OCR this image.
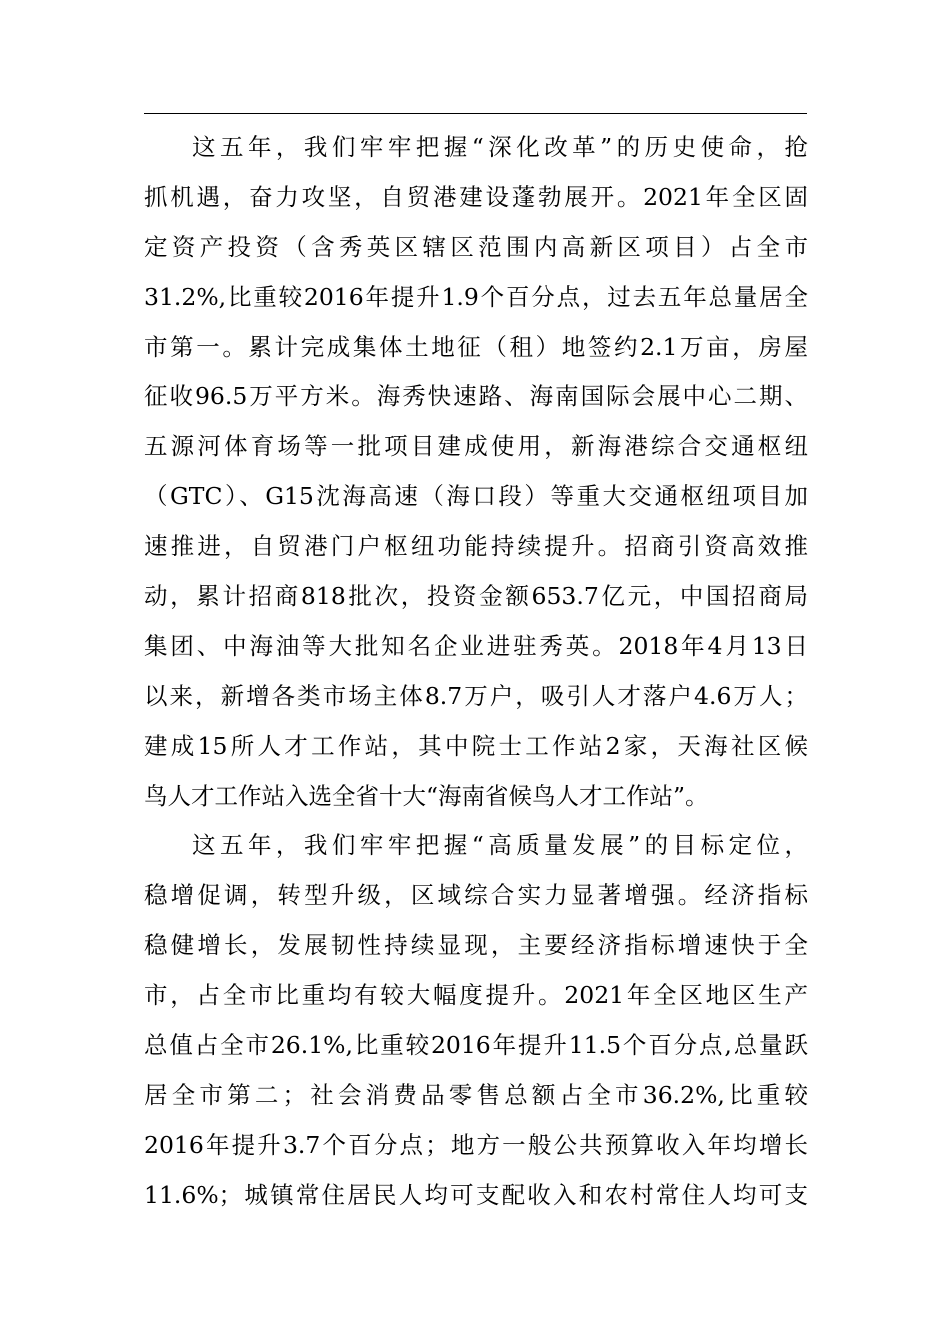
这五年，我们牢牢把握“深化改革”的历史使命，抢
抓机遇，奋力攻坚，自贸港建设蓬勃展开。2021年全区固
定资产投资（含秀英区辖区范围内高新区项目）占全市
31.2%,比重较2016年提升1.9个百分点，过去五年总量居全
市第一。累计完成集体土地征（租）地签约2.1万亩，房屋
征收96.5万平方米。海秀快速路、海南国际会展中心二期、
五源河体育场等一批项目建成使用，新海港综合交通枢纽
（GTC）、G15沈海高速（海口段）等重大交通枢纽项目加
速推进，自贸港门户枢纽功能持续提升。招商引资高效推
动，累计招商818批次，投资金额653.7亿元，中国招商局
集团、中海油等大批知名企业进驻秀英。2018年4月13日
以来，新增各类市场主体8.7万户，吸引人才落户4.6万人；
建成15所人才工作站，其中院士工作站2家，天海社区候
鸟人才工作站入选全省十大“海南省候鸟人才工作站”。
这五年，我们牢牢把握“高质量发展”的目标定位，
稳增促调，转型升级，区域综合实力显著增强。经济指标
稳健增长，发展韧性持续显现，主要经济指标增速快于全
市，占全市比重均有较大幅度提升。2021年全区地区生产
总值占全市26.1%,比重较2016年提升11.5个百分点,总量跃
居全市第二；社会消费品零售总额占全市36.2%,比重较
2016年提升3.7个百分点；地方一般公共预算收入年均增长
11.6%；城镇常住居民人均可支配收入和农村常住人均可支
